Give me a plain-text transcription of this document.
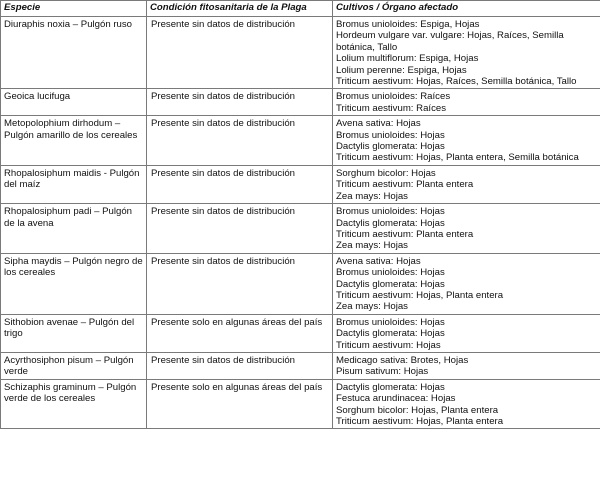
Especie	Condición fitosanitaria de la Plaga	Cultivos / Órgano afectado
Diuraphis noxia – Pulgón ruso	Presente sin datos de distribución	Bromus unioloides: Espiga, Hojas
Hordeum vulgare var. vulgare: Hojas, Raíces, Semilla botánica, Tallo
Lolium multiflorum: Espiga, Hojas
Lolium perenne: Espiga, Hojas
Triticum aestivum: Hojas, Raíces, Semilla botánica, Tallo

Geoica lucifuga	Presente sin datos de distribución	Bromus unioloides: Raíces
Triticum aestivum: Raíces

Metopolophium dirhodum – Pulgón amarillo de los cereales	Presente sin datos de distribución	Avena sativa: Hojas
Bromus unioloides: Hojas
Dactylis glomerata: Hojas
Triticum aestivum: Hojas, Planta entera, Semilla botánica

Rhopalosiphum maidis - Pulgón del maíz	Presente sin datos de distribución	Sorghum bicolor: Hojas
Triticum aestivum: Planta entera
Zea mays: Hojas

Rhopalosiphum padi – Pulgón de la avena	Presente sin datos de distribución	Bromus unioloides: Hojas
Dactylis glomerata: Hojas
Triticum aestivum: Planta entera
Zea mays: Hojas

Sipha maydis – Pulgón negro de los cereales	Presente sin datos de distribución	Avena sativa: Hojas
Bromus unioloides: Hojas
Dactylis glomerata: Hojas
Triticum aestivum: Hojas, Planta entera
Zea mays: Hojas

Sithobion avenae – Pulgón del trigo	Presente solo en algunas áreas del país	Bromus unioloides: Hojas
Dactylis glomerata: Hojas
Triticum aestivum: Hojas

Acyrthosiphon pisum – Pulgón verde	Presente sin datos de distribución	Medicago sativa: Brotes, Hojas
Pisum sativum: Hojas

Schizaphis graminum – Pulgón verde de los cereales	Presente solo en algunas áreas del país	Dactylis glomerata: Hojas
Festuca arundinacea: Hojas
Sorghum bicolor: Hojas, Planta entera
Triticum aestivum: Hojas, Planta entera
